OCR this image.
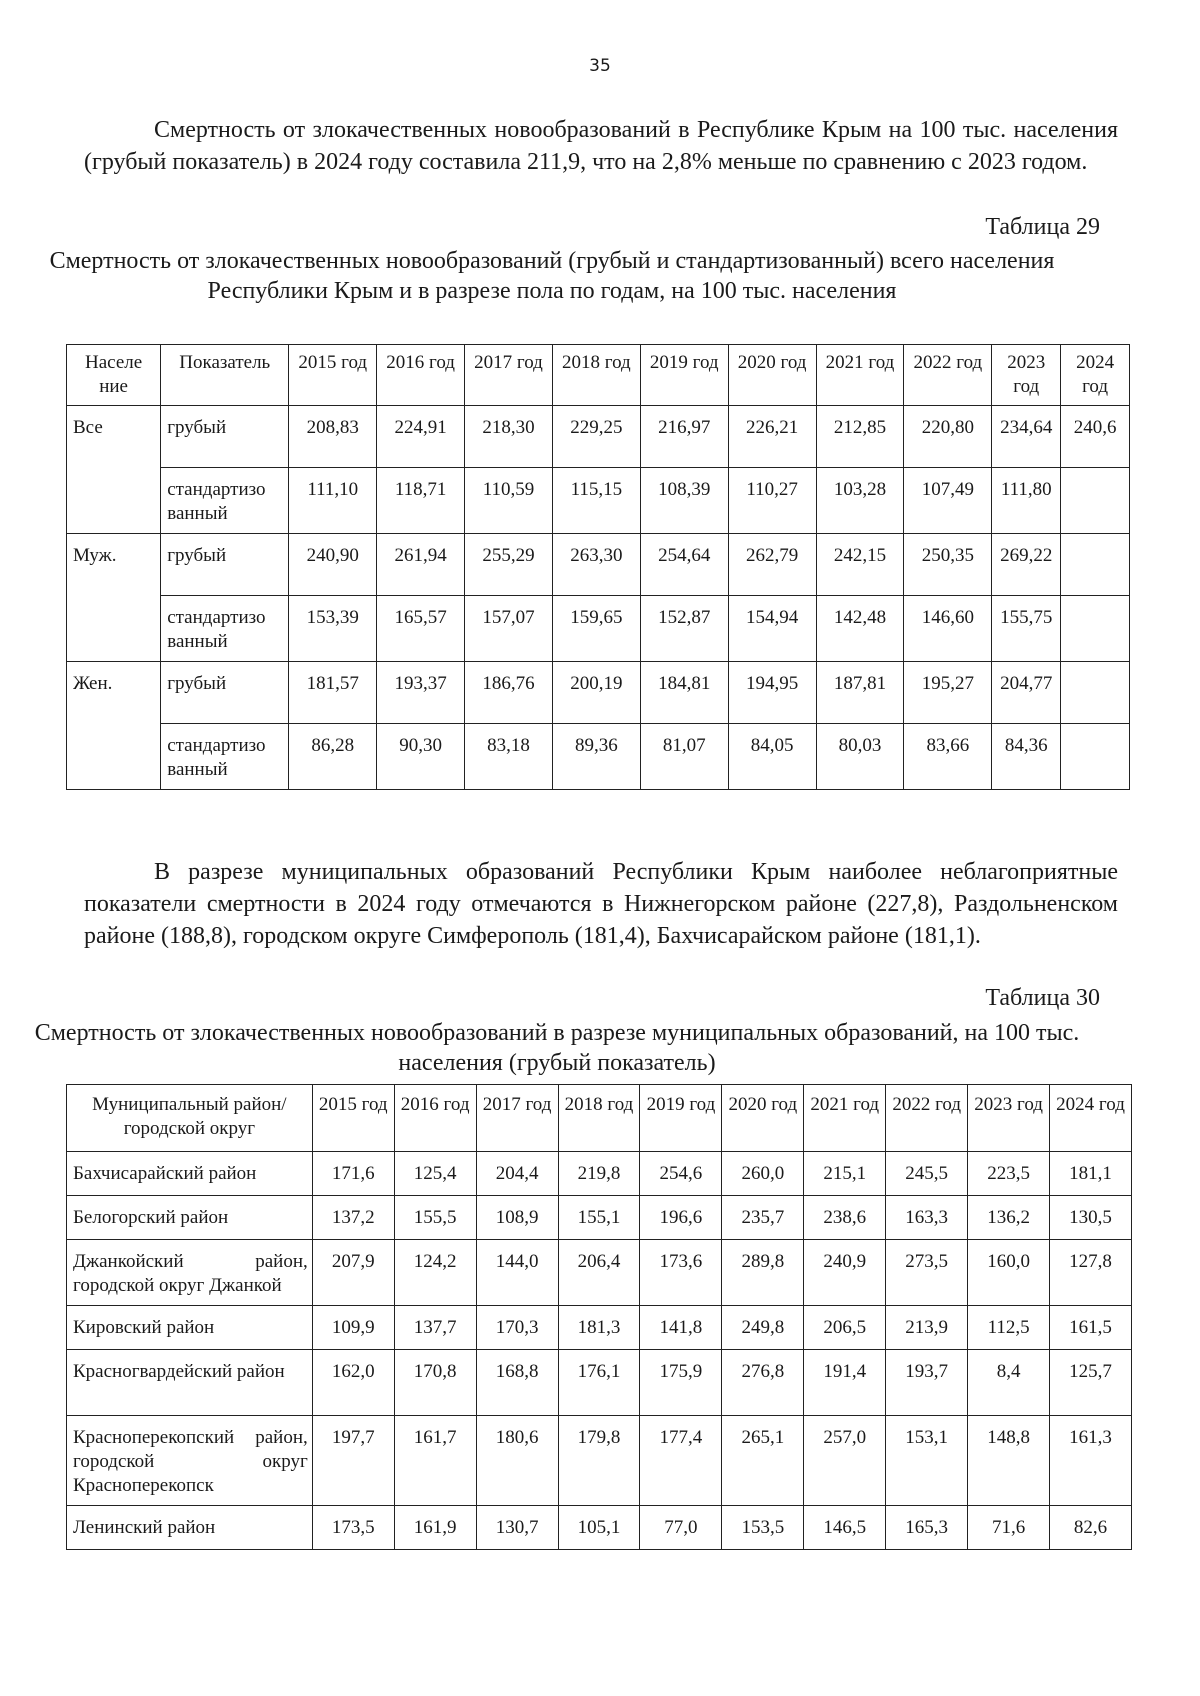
35
Смертность от злокачественных новообразований в Республике Крым на 100 тыс. населения (грубый показатель) в 2024 году составила 211,9, что на 2,8% меньше по сравнению с 2023 годом.
Таблица 29
Смертность от злокачественных новообразований (грубый и стандартизованный) всего населения Республики Крым и в разрезе пола по годам, на 100 тыс. населения
Населе ние	Показатель	2015 год	2016 год	2017 год	2018 год	2019 год	2020 год	2021 год	2022 год	2023 год	2024 год
Все	грубый	208,83	224,91	218,30	229,25	216,97	226,21	212,85	220,80	234,64	240,6
	стандартизо ванный	111,10	118,71	110,59	115,15	108,39	110,27	103,28	107,49	111,80	
Муж.	грубый	240,90	261,94	255,29	263,30	254,64	262,79	242,15	250,35	269,22	
	стандартизо ванный	153,39	165,57	157,07	159,65	152,87	154,94	142,48	146,60	155,75	
Жен.	грубый	181,57	193,37	186,76	200,19	184,81	194,95	187,81	195,27	204,77	
	стандартизо ванный	86,28	90,30	83,18	89,36	81,07	84,05	80,03	83,66	84,36	
В разрезе муниципальных образований Республики Крым наиболее неблагоприятные показатели смертности в 2024 году отмечаются в Нижнегорском районе (227,8), Раздольненском районе (188,8), городском округе Симферополь (181,4), Бахчисарайском районе (181,1).
Таблица 30
Смертность от злокачественных новообразований в разрезе муниципальных образований, на 100 тыс. населения (грубый показатель)
Муниципальный район/городской округ	2015 год	2016 год	2017 год	2018 год	2019 год	2020 год	2021 год	2022 год	2023 год	2024 год
Бахчисарайский район	171,6	125,4	204,4	219,8	254,6	260,0	215,1	245,5	223,5	181,1
Белогорский район	137,2	155,5	108,9	155,1	196,6	235,7	238,6	163,3	136,2	130,5
Джанкойский район, городской округ Джанкой	207,9	124,2	144,0	206,4	173,6	289,8	240,9	273,5	160,0	127,8
Кировский район	109,9	137,7	170,3	181,3	141,8	249,8	206,5	213,9	112,5	161,5
Красногвардейский район	162,0	170,8	168,8	176,1	175,9	276,8	191,4	193,7	8,4	125,7
Красноперекопский район, городской округ Красноперекопск	197,7	161,7	180,6	179,8	177,4	265,1	257,0	153,1	148,8	161,3
Ленинский район	173,5	161,9	130,7	105,1	77,0	153,5	146,5	165,3	71,6	82,6
